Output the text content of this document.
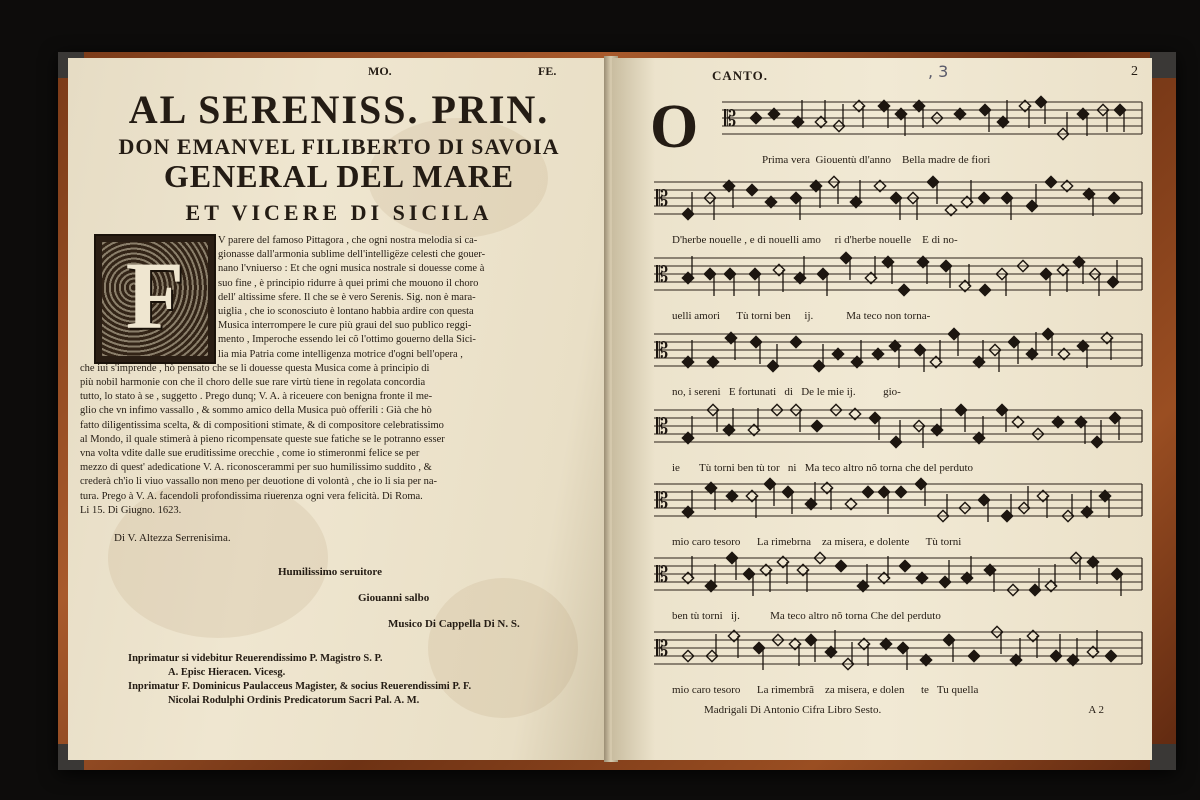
MO.	FE.
AL SERENISS. PRIN.
DON EMANVEL FILIBERTO DI SAVOIA
GENERAL DEL MARE
ET VICERE DI SICILA
F
V parere del famoso Pittagora , che ogni nostra melodia si ca-
gionasse dall'armonia sublime dell'intelligëze celesti che gouer-
nano l'vniuerso : Et che ogni musica nostrale si douesse come à
suo fine , è principio ridurre à quei primi che mouono il choro
dell' altissime sfere. Il che se è vero Serenis. Sig. non è mara-
uiglia , che io sconosciuto è lontano habbia ardire con questa
Musica interrompere le cure più graui del suo publico reggi-
mento , Imperoche essendo lei cõ l'ottimo gouerno della Sici-
lia mia Patria come intelligenza motrice d'ogni bell'opera ,

che iui s'imprende , hò pensato che se li douesse questa Musica come à principio di

più nobil harmonie con che il choro delle sue rare virtù tiene in regolata concordia

tutto, lo stato à se , suggetto . Prego dunq; V. A. à riceuere con benigna fronte il me-

glio che vn infimo vassallo , & sommo amico della Musica può offerili : Già che hò

fatto diligentissima scelta, & di compositioni stimate, & di compositore celebratissimo

al Mondo, il quale stimerà à pieno ricompensate queste sue fatiche se le potranno esser

vna volta vdite dalle sue eruditissime orecchie , come io stimeronmi felice se per

mezzo di quest' adedicatione V. A. riconoscerammi per suo humilissimo suddito , &

crederà ch'io li viuo vassallo non meno per deuotione di volontà , che io li sia per na-

tura. Prego à V. A. facendoli profondissima riuerenza ogni vera felicità. Di Roma.

Li 15. Di Giugno. 1623.

Di V. Altezza Serrenisima.
Humilissimo seruitore
Giouanni salbo
Musico Di Cappella Di N. S.
Inprimatur si videbitur Reuerendissimo P. Magistro S. P.
A. Episc Hieracen. Vicesg.
Inprimatur F. Dominicus Paulacceus Magister, & socius Reuerendissimi P. F.
Nicolai Rodulphi Ordinis Predicatorum Sacri Pal. A. M.
CANTO.	, 3	2
O 𝄡
𝄡
𝄡
𝄡
𝄡
𝄡
𝄡
𝄡
Prima vera  Giouentù dl'anno    Bella madre de fiori
D'herbe nouelle , e di nouelli amo     ri d'herbe nouelle    E di no-
uelli amori      Tù torni ben     ij.            Ma teco non torna-
no, i sereni   E fortunati   di   De le mie ij.          gio-
ie       Tù torni ben tù tor   ni   Ma teco altro nõ torna che del perduto
mio caro tesoro      La rimebrna    za misera, e dolente      Tù torni
ben tù torni   ij.           Ma teco altro nõ torna Che del perduto
mio caro tesoro      La rimembrã    za misera, e dolen      te   Tu quella
Madrigali Di Antonio Cifra Libro Sesto.	A 2
